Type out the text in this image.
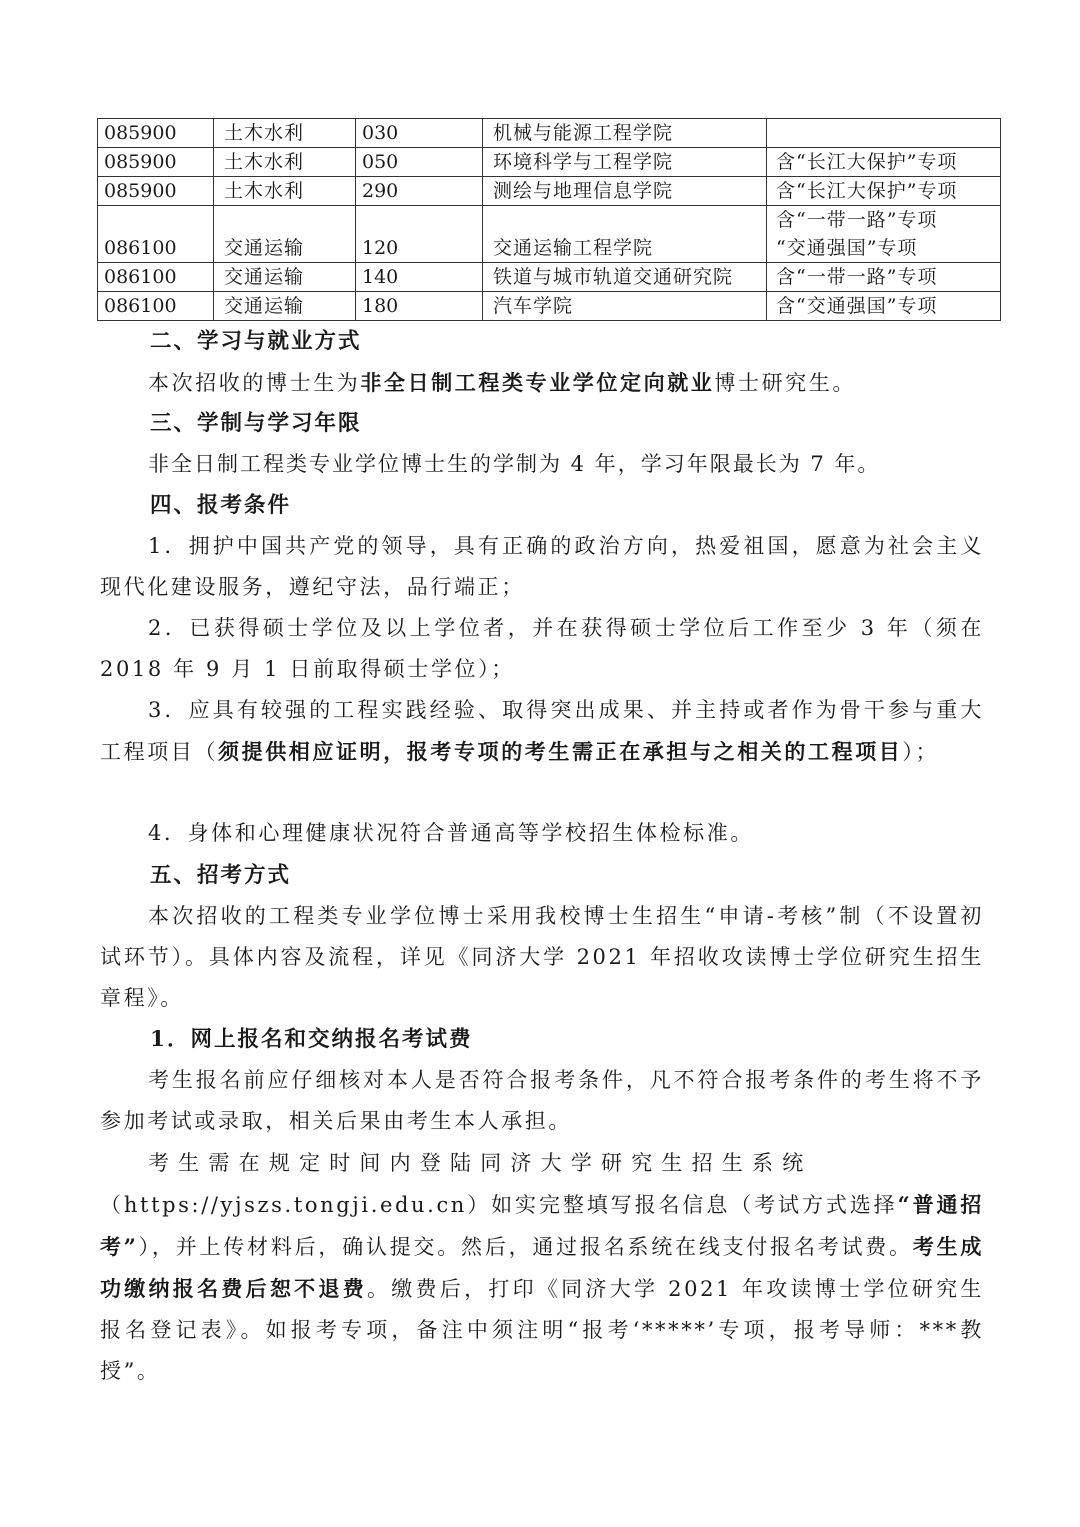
085900	土木水利	030	机械与能源工程学院	
085900	土木水利	050	环境科学与工程学院	含“长江大保护”专项
085900	土木水利	290	测绘与地理信息学院	含“长江大保护”专项
086100	交通运输	120	交通运输工程学院	含“一带一路”专项
“交通强国”专项

086100	交通运输	140	铁道与城市轨道交通研究院	含“一带一路”专项
086100	交通运输	180	汽车学院	含“交通强国”专项
二、学习与就业方式
本次招收的博士生为非全日制工程类专业学位定向就业博士研究生。
三、学制与学习年限
非全日制工程类专业学位博士生的学制为 4 年，学习年限最长为 7 年。
四、报考条件
1．拥护中国共产党的领导，具有正确的政治方向，热爱祖国，愿意为社会主义现代化建设服务，遵纪守法，品行端正；
2．已获得硕士学位及以上学位者，并在获得硕士学位后工作至少 3 年（须在 2018 年 9 月 1 日前取得硕士学位）；
3．应具有较强的工程实践经验、取得突出成果、并主持或者作为骨干参与重大工程项目（须提供相应证明，报考专项的考生需正在承担与之相关的工程项目）；
4．身体和心理健康状况符合普通高等学校招生体检标准。
五、招考方式
本次招收的工程类专业学位博士采用我校博士生招生“申请-考核”制（不设置初试环节）。具体内容及流程，详见《同济大学 2021 年招收攻读博士学位研究生招生章程》。
1．网上报名和交纳报名考试费
考生报名前应仔细核对本人是否符合报考条件，凡不符合报考条件的考生将不予参加考试或录取，相关后果由考生本人承担。
考生需在规定时间内登陆同济大学研究生招生系统
（https://yjszs.tongji.edu.cn）如实完整填写报名信息（考试方式选择“普通招考”），并上传材料后，确认提交。然后，通过报名系统在线支付报名考试费。考生成功缴纳报名费后恕不退费。缴费后，打印《同济大学 2021 年攻读博士学位研究生报名登记表》。如报考专项，备注中须注明“报考‘*****’专项，报考导师：***教授”。
